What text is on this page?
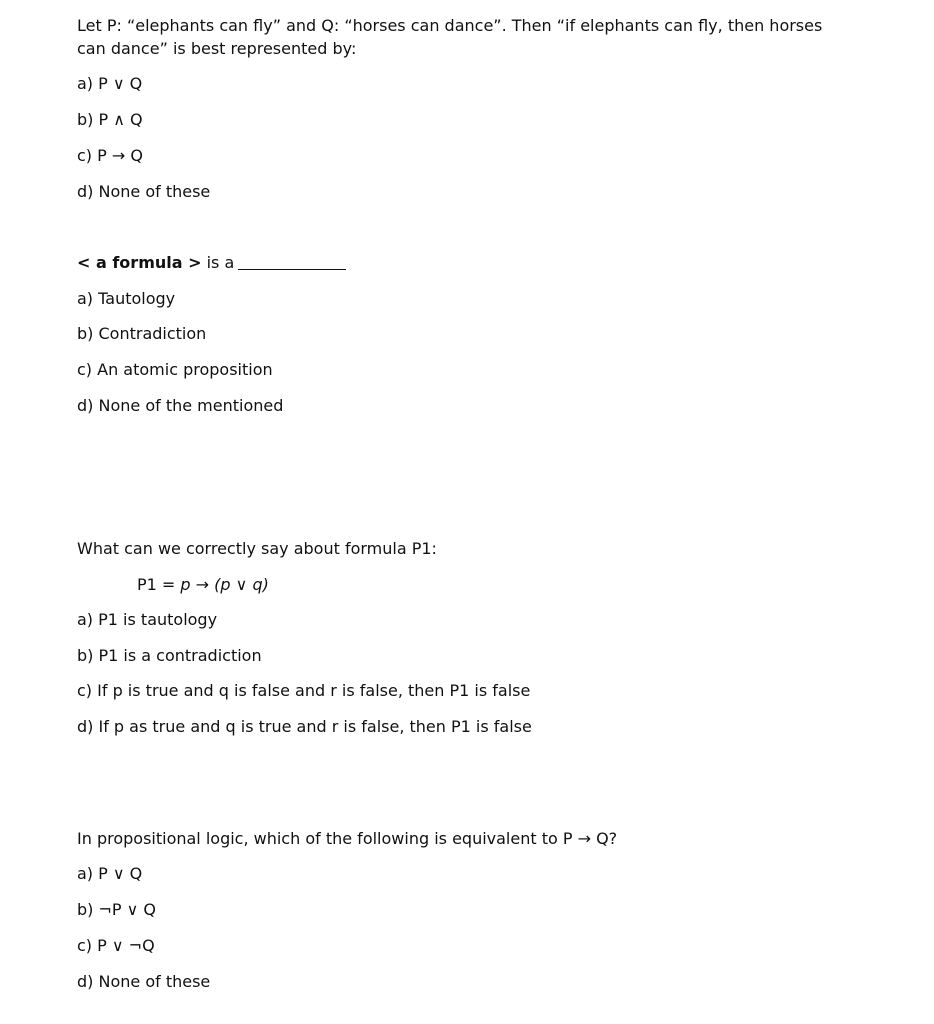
Let P: “elephants can fly” and Q: “horses can dance”. Then “if elephants can fly, then horses
can dance” is best represented by:
a) P ∨ Q
b) P ∧ Q
c) P → Q
d) None of these
< a formula > is a
a) Tautology
b) Contradiction
c) An atomic proposition
d) None of the mentioned
What can we correctly say about formula P1:
P1 = p → (p ∨ q)
a) P1 is tautology
b) P1 is a contradiction
c) If p is true and q is false and r is false, then P1 is false
d) If p as true and q is true and r is false, then P1 is false
In propositional logic, which of the following is equivalent to P → Q?
a) P ∨ Q
b) ¬P ∨ Q
c) P ∨ ¬Q
d) None of these
